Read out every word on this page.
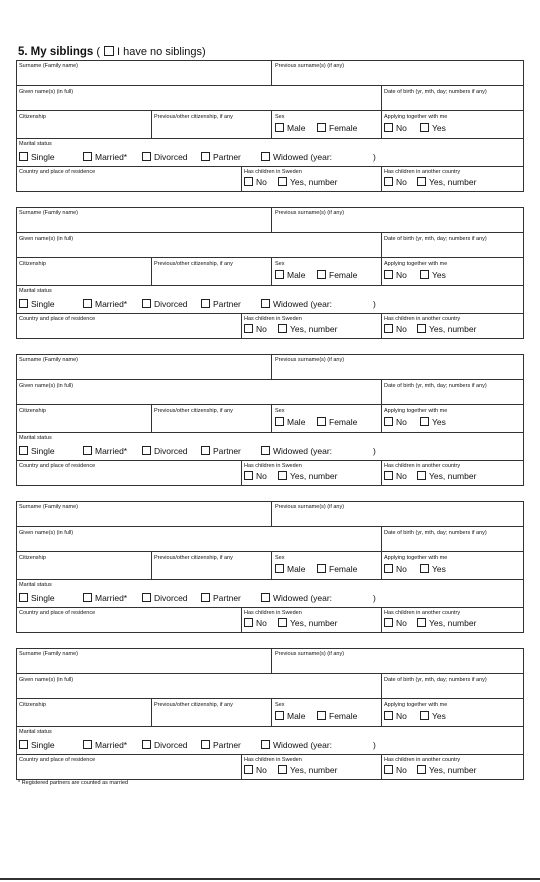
5. My siblings ( I have no siblings)
Surname (Family name)	Previous surname(s) (if any)
Given name(s) (in full)	Date of birth (yr, mth, day; numbers if any)
Citizenship	Previous/other citizenship, if any	Sex
Male	Female
Applying together with me
No	Yes
Marital status
Single	Married*	Divorced	Partner	Widowed (year:	)
Country and place of residence	Has children in Sweden
No	Yes, number
Has children in another country
No	Yes, number
Surname (Family name)	Previous surname(s) (if any)
Given name(s) (in full)	Date of birth (yr, mth, day; numbers if any)
Citizenship	Previous/other citizenship, if any	Sex
Male	Female
Applying together with me
No	Yes
Marital status
Single	Married*	Divorced	Partner	Widowed (year:	)
Country and place of residence	Has children in Sweden
No	Yes, number
Has children in another country
No	Yes, number
Surname (Family name)	Previous surname(s) (if any)
Given name(s) (in full)	Date of birth (yr, mth, day; numbers if any)
Citizenship	Previous/other citizenship, if any	Sex
Male	Female
Applying together with me
No	Yes
Marital status
Single	Married*	Divorced	Partner	Widowed (year:	)
Country and place of residence	Has children in Sweden
No	Yes, number
Has children in another country
No	Yes, number
Surname (Family name)	Previous surname(s) (if any)
Given name(s) (in full)	Date of birth (yr, mth, day; numbers if any)
Citizenship	Previous/other citizenship, if any	Sex
Male	Female
Applying together with me
No	Yes
Marital status
Single	Married*	Divorced	Partner	Widowed (year:	)
Country and place of residence	Has children in Sweden
No	Yes, number
Has children in another country
No	Yes, number
Surname (Family name)	Previous surname(s) (if any)
Given name(s) (in full)	Date of birth (yr, mth, day; numbers if any)
Citizenship	Previous/other citizenship, if any	Sex
Male	Female
Applying together with me
No	Yes
Marital status
Single	Married*	Divorced	Partner	Widowed (year:	)
Country and place of residence	Has children in Sweden
No	Yes, number
Has children in another country
No	Yes, number
* Registered partners are counted as married
